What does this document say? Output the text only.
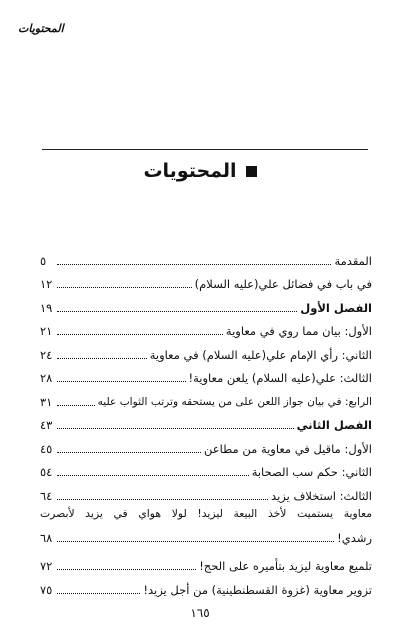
المحتويات
المحتويات
المقدمة
٥
في باب في فضائل علي(عليه السلام)
١٢
الفصل الأول
١٩
الأول: بيان مما روي في معاوية
٢١
الثاني: رأي الإمام علي(عليه السلام) في معاوية
٢٤
الثالث: علي(عليه السلام) يلعن معاوية!
٢٨
الرابع: في بيان جواز اللعن على من يستحقه وترتب الثواب عليه
٣١
الفصل الثاني
٤٣
الأول: ماقيل في معاوية من مطاعن
٤٥
الثاني: حكم سب الصحابة
٥٤
الثالث: استخلاف يزيد
٦٤
معاوية يستميت لأخذ البيعة ليزيد! لولا هواي في يزيد لأبصرت
رشدي!
٦٨
تلميع معاوية ليزيد بتأميره على الحج!
٧٢
تزوير معاوية (غزوة القسطنطينية) من أجل يزيد!
٧٥
١٦٥
